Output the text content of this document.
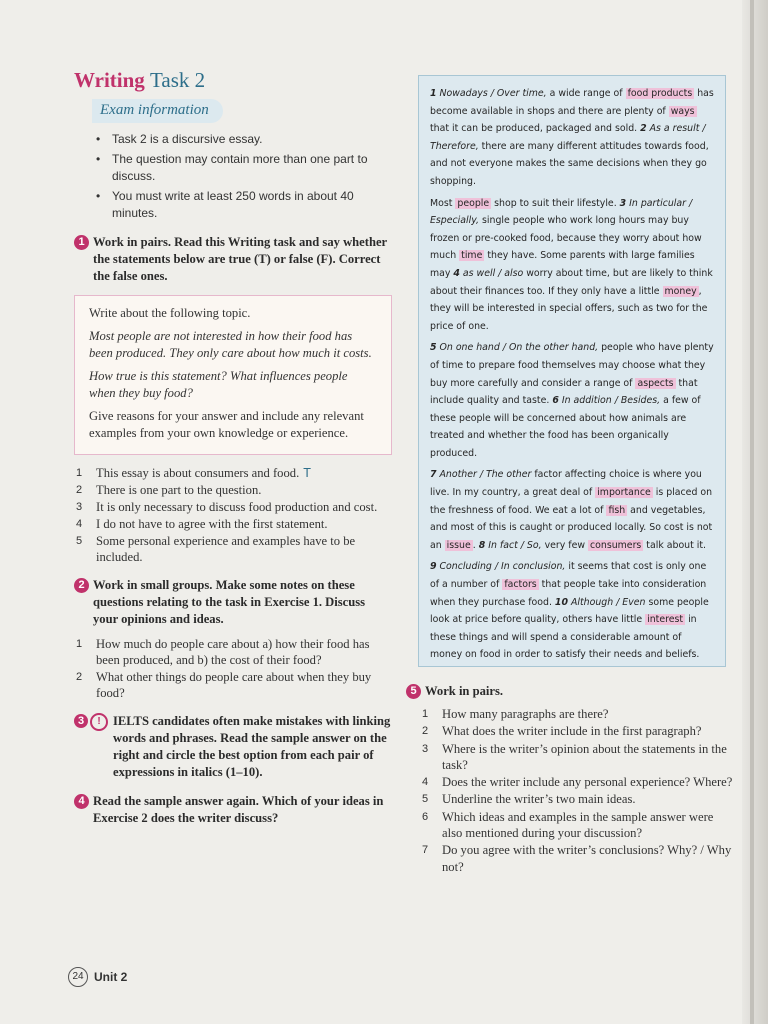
Writing Task 2
Exam information
• Task 2 is a discursive essay.
• The question may contain more than one part to discuss.
• You must write at least 250 words in about 40 minutes.
1 Work in pairs. Read this Writing task and say whether the statements below are true (T) or false (F). Correct the false ones.

Write about the following topic.

Most people are not interested in how their food has been produced. They only care about how much it costs.

How true is this statement? What influences people when they buy food?

Give reasons for your answer and include any relevant examples from your own knowledge or experience.

1	This essay is about consumers and food. T
2	There is one part to the question.
3	It is only necessary to discuss food production and cost.
4	I do not have to agree with the first statement.
5	Some personal experience and examples have to be included.
2 Work in small groups. Make some notes on these questions relating to the task in Exercise 1. Discuss your opinions and ideas.
1	How much do people care about a) how their food has been produced, and b) the cost of their food?
2	What other things do people care about when they buy food?
3	! IELTS candidates often make mistakes with linking words and phrases. Read the sample answer on the right and circle the best option from each pair of expressions in italics (1–10).
4 Read the sample answer again. Which of your ideas in Exercise 2 does the writer discuss?
24 Unit 2

1 Nowadays / Over time, a wide range of food products has become available in shops and there are plenty of ways that it can be produced, packaged and sold. 2 As a result / Therefore, there are many different attitudes towards food, and not everyone makes the same decisions when they go shopping.

Most people shop to suit their lifestyle. 3 In particular / Especially, single people who work long hours may buy frozen or pre-cooked food, because they worry about how much time they have. Some parents with large families may 4 as well / also worry about time, but are likely to think about their finances too. If they only have a little money , they will be interested in special offers, such as two for the price of one.

5 On one hand / On the other hand, people who have plenty of time to prepare food themselves may choose what they buy more carefully and consider a range of aspects that include quality and taste. 6 In addition / Besides, a few of these people will be concerned about how animals are treated and whether the food has been organically produced.

7 Another / The other factor affecting choice is where you live. In my country, a great deal of importance is placed on the freshness of food. We eat a lot of fish and vegetables, and most of this is caught or produced locally. So cost is not an issue . 8 In fact / So, very few consumers talk about it.

9 Concluding / In conclusion, it seems that cost is only one of a number of factors that people take into consideration when they purchase food. 10 Although / Even some people look at price before quality, others have little interest in these things and will spend a considerable amount of money on food in order to satisfy their needs and beliefs.

5 Work in pairs.
1	How many paragraphs are there?
2	What does the writer include in the first paragraph?
3	Where is the writer’s opinion about the statements in the task?
4	Does the writer include any personal experience? Where?
5	Underline the writer’s two main ideas.
6	Which ideas and examples in the sample answer were also mentioned during your discussion?
7	Do you agree with the writer’s conclusions? Why? / Why not?
